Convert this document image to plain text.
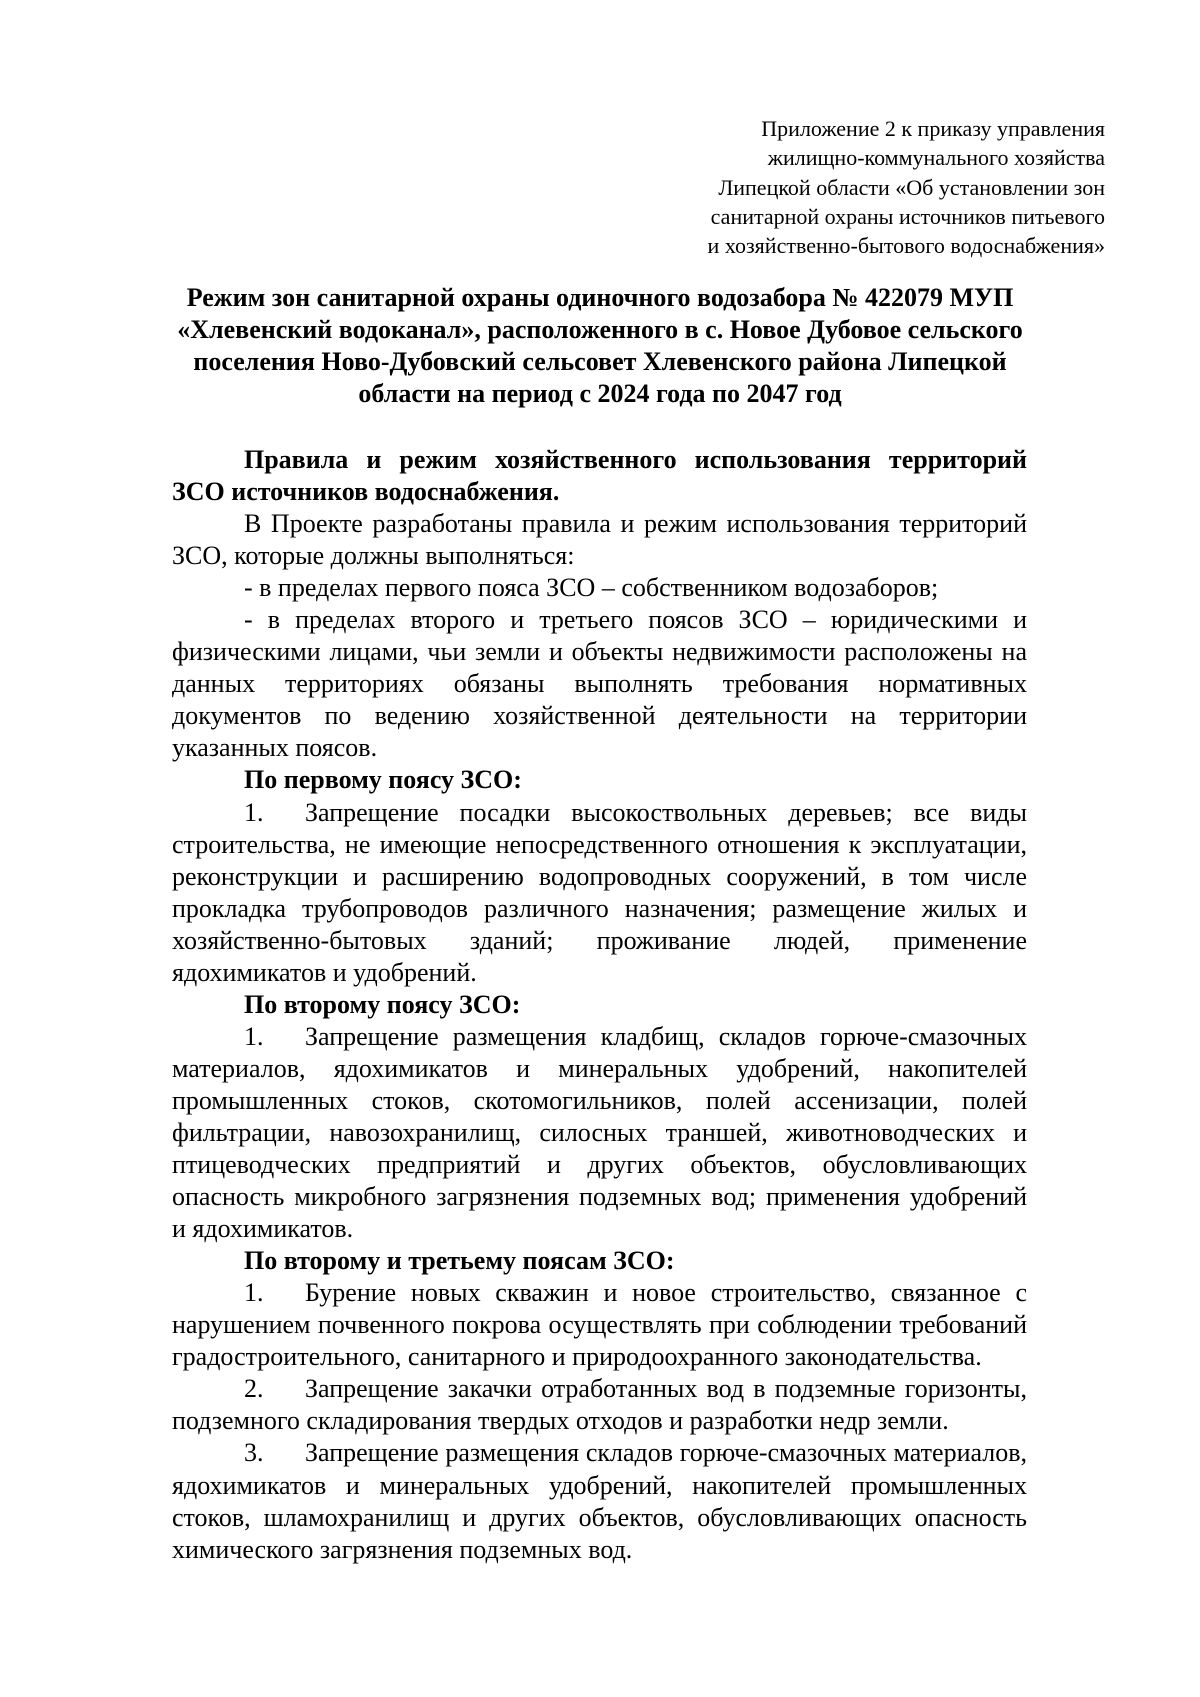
Приложение 2 к приказу управления
жилищно-коммунального хозяйства
Липецкой области «Об установлении зон
санитарной охраны источников питьевого
и хозяйственно-бытового водоснабжения»
Режим зон санитарной охраны одиночного водозабора № 422079 МУП
«Хлевенский водоканал», расположенного в с. Новое Дубовое сельского
поселения Ново-Дубовский сельсовет Хлевенского района Липецкой
области на период с 2024 года по 2047 год

Правила и режим хозяйственного использования территорий ЗСО источников водоснабжения.

В Проекте разработаны правила и режим использования территорий ЗСО, которые должны выполняться:

- в пределах первого пояса ЗСО – собственником водозаборов;

- в пределах второго и третьего поясов ЗСО – юридическими и физическими лицами, чьи земли и объекты недвижимости расположены на данных территориях обязаны выполнять требования нормативных документов по ведению хозяйственной деятельности на территории указанных поясов.

По первому поясу ЗСО:

1. Запрещение посадки высокоствольных деревьев; все виды строительства, не имеющие непосредственного отношения к эксплуатации, реконструкции и расширению водопроводных сооружений, в том числе прокладка трубопроводов различного назначения; размещение жилых и хозяйственно-бытовых зданий; проживание людей, применение ядохимикатов и удобрений.

По второму поясу ЗСО:

1. Запрещение размещения кладбищ, складов горюче-смазочных материалов, ядохимикатов и минеральных удобрений, накопителей промышленных стоков, скотомогильников, полей ассенизации, полей фильтрации, навозохранилищ, силосных траншей, животноводческих и птицеводческих предприятий и других объектов, обусловливающих опасность микробного загрязнения подземных вод; применения удобрений и ядохимикатов.

По второму и третьему поясам ЗСО:

1. Бурение новых скважин и новое строительство, связанное с нарушением почвенного покрова осуществлять при соблюдении требований градостроительного, санитарного и природоохранного законодательства.

2. Запрещение закачки отработанных вод в подземные горизонты, подземного складирования твердых отходов и разработки недр земли.

3. Запрещение размещения складов горюче-смазочных материалов, ядохимикатов и минеральных удобрений, накопителей промышленных стоков, шламохранилищ и других объектов, обусловливающих опасность химического загрязнения подземных вод.
